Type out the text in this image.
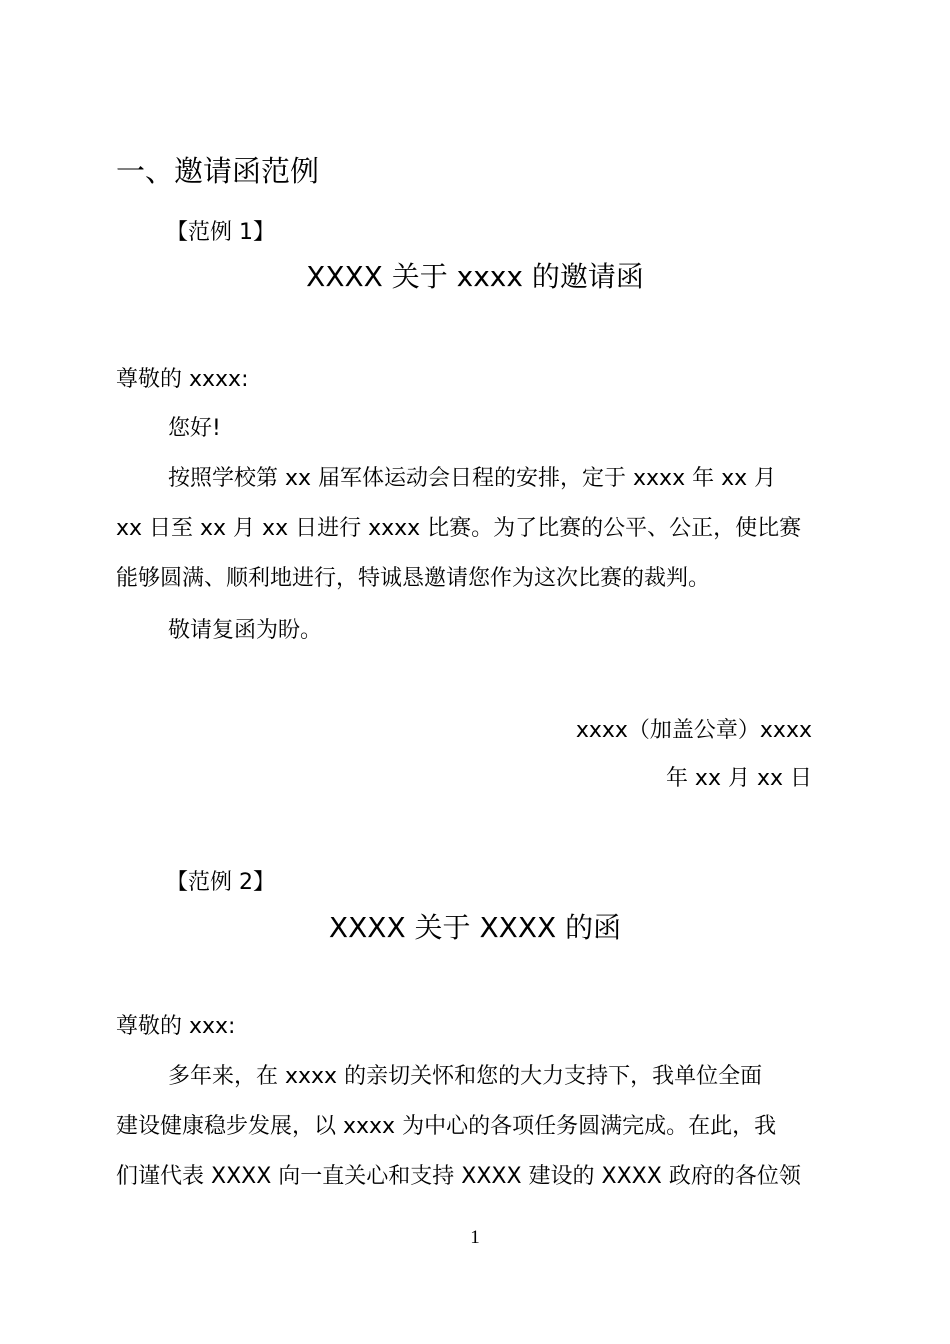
一、邀请函范例
【范例 1】
XXXX 关于 xxxx 的邀请函
尊敬的 xxxx:
您好!
按照学校第 xx 届军体运动会日程的安排，定于 xxxx 年 xx 月
xx 日至 xx 月 xx 日进行 xxxx 比赛。为了比赛的公平、公正，使比赛
能够圆满、顺利地进行，特诚恳邀请您作为这次比赛的裁判。
敬请复函为盼。
xxxx（加盖公章）xxxx
年 xx 月 xx 日
【范例 2】
XXXX 关于 XXXX 的函
尊敬的 xxx:
多年来，在 xxxx 的亲切关怀和您的大力支持下，我单位全面
建设健康稳步发展，以 xxxx 为中心的各项任务圆满完成。在此，我
们谨代表 XXXX 向一直关心和支持 XXXX 建设的 XXXX 政府的各位领
1
